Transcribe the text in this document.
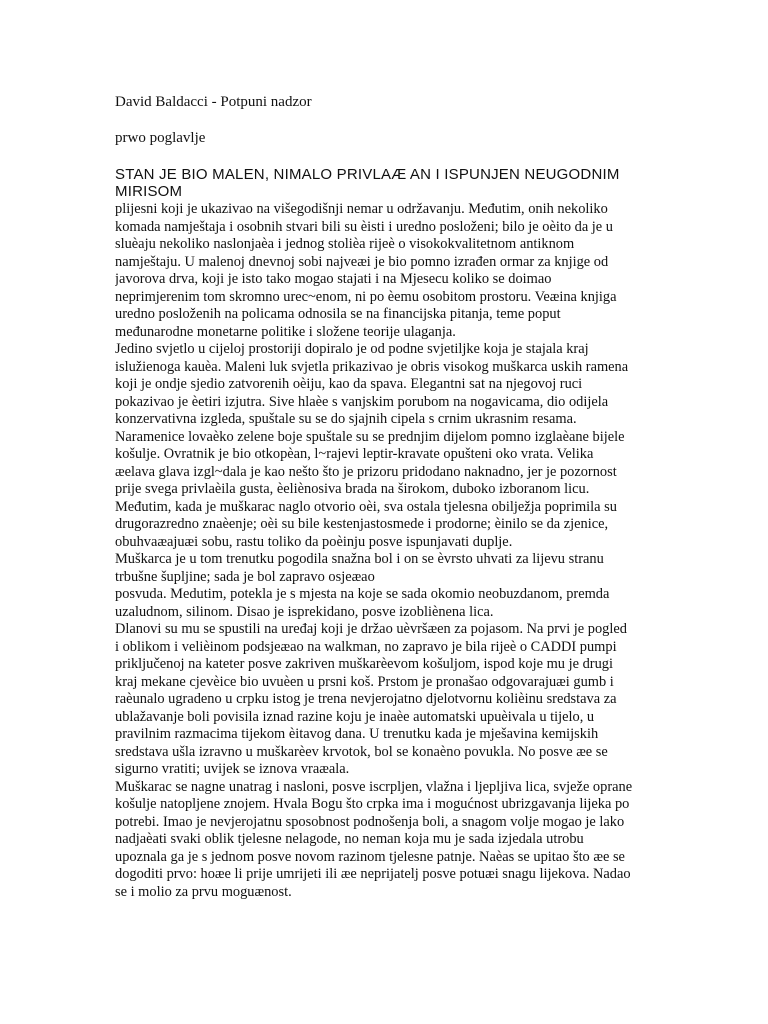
David Baldacci - Potpuni nadzor
prwo poglavlje
STAN JE BIO MALEN, NIMALO PRIVLAÆ AN I ISPUNJEN NEUGODNIM
MIRISOM
plijesni koji je ukazivao na višegodišnji nemar u održavanju. Međutim, onih nekoliko
komada namještaja i osobnih stvari bili su èisti i uredno posloženi; bilo je oèito da je u
sluèaju nekoliko naslonjaèa i jednog stolièa rijeè o visokokvalitetnom antiknom
namještaju. U malenoj dnevnoj sobi najveæi je bio pomno izrađen ormar za knjige od
javorova drva, koji je isto tako mogao stajati i na Mjesecu koliko se doimao
neprimjerenim tom skromno urec~enom, ni po èemu osobitom prostoru. Veæina knjiga
uredno posloženih na policama odnosila se na financijska pitanja, teme poput
međunarodne monetarne politike i složene teorije ulaganja.
Jedino svjetlo u cijeloj prostoriji dopiralo je od podne svjetiljke koja je stajala kraj
islužienoga kauèa. Maleni luk svjetla prikazivao je obris visokog muškarca uskih ramena
koji je ondje sjedio zatvorenih oèiju, kao da spava. Elegantni sat na njegovoj ruci
pokazivao je èetiri izjutra. Sive hlaèe s vanjskim porubom na nogavicama, dio odijela
konzervativna izgleda, spuštale su se do sjajnih cipela s crnim ukrasnim resama.
Naramenice lovaèko zelene boje spuštale su se prednjim dijelom pomno izglaèane bijele
košulje. Ovratnik je bio otkopèan, l~rajevi leptir-kravate opušteni oko vrata. Velika
æelava glava izgl~dala je kao nešto što je prizoru pridodano naknadno, jer je pozornost
prije svega privlaèila gusta, èeliènosiva brada na širokom, duboko izboranom licu.
Međutim, kada je muškarac naglo otvorio oèi, sva ostala tjelesna obilježja poprimila su
drugorazredno znaèenje; oèi su bile kestenjastosmede i prodorne; èinilo se da zjenice,
obuhvaæajuæi sobu, rastu toliko da poèinju posve ispunjavati duplje.
Muškarca je u tom trenutku pogodila snažna bol i on se èvrsto uhvati za lijevu stranu
trbušne šupljine; sada je bol zapravo osjeæao
posvuda. Medutim, potekla je s mjesta na koje se sada okomio neobuzdanom, premda
uzaludnom, silinom. Disao je isprekidano, posve izobliènena lica.
Dlanovi su mu se spustili na uređaj koji je držao uèvršæen za pojasom. Na prvi je pogled
i oblikom i velièinom podsjeæao na walkman, no zapravo je bila rijeè o CADDI pumpi
priključenoj na kateter posve zakriven muškarèevom košuljom, ispod koje mu je drugi
kraj mekane cjevèice bio uvuèen u prsni koš. Prstom je pronašao odgovarajuæi gumb i
raèunalo ugradeno u crpku istog je trena nevjerojatno djelotvornu kolièinu sredstava za
ublažavanje boli povisila iznad razine koju je inaèe automatski upuèivala u tijelo, u
pravilnim razmacima tijekom èitavog dana. U trenutku kada je mješavina kemijskih
sredstava ušla izravno u muškarèev krvotok, bol se konaèno povukla. No posve æe se
sigurno vratiti; uvijek se iznova vraæala.
Muškarac se nagne unatrag i nasloni, posve iscrpljen, vlažna i ljepljiva lica, svježe oprane
košulje natopljene znojem. Hvala Bogu što crpka ima i mogućnost ubrizgavanja lijeka po
potrebi. Imao je nevjerojatnu sposobnost podnošenja boli, a snagom volje mogao je lako
nadjaèati svaki oblik tjelesne nelagode, no neman koja mu je sada izjedala utrobu
upoznala ga je s jednom posve novom razinom tjelesne patnje. Naèas se upitao što æe se
dogoditi prvo: hoæe li prije umrijeti ili æe neprijatelj posve potuæi snagu lijekova. Nadao
se i molio za prvu moguænost.
